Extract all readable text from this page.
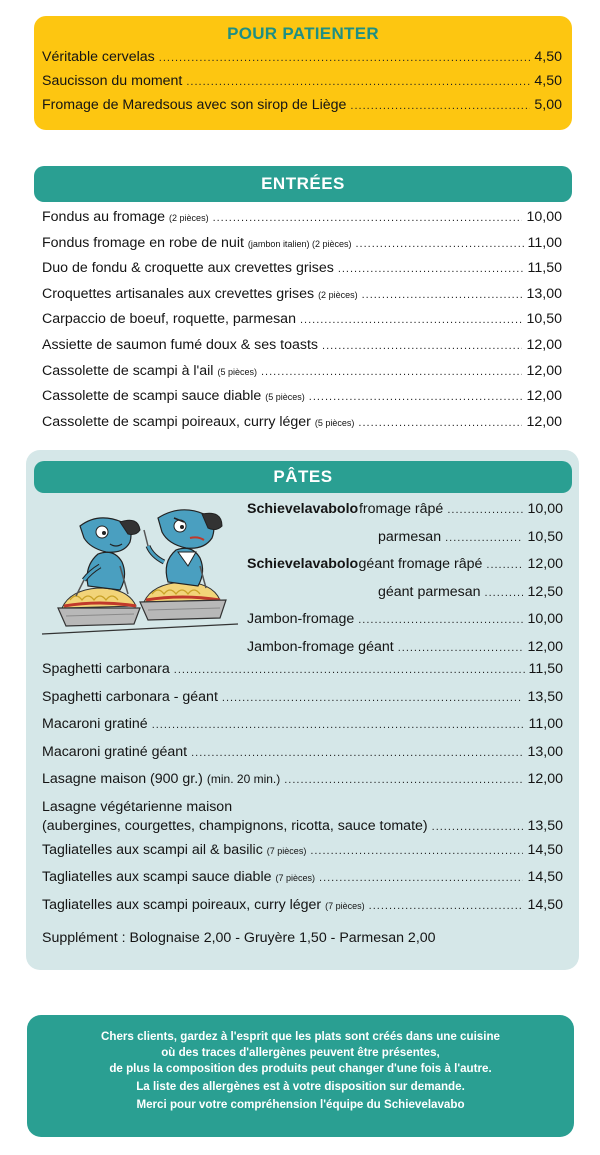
POUR PATIENTER
Véritable cervelas .....	4,50
Saucisson du moment .....	4,50
Fromage de Maredsous avec son sirop de Liège .....	5,00
ENTRÉES
Fondus au fromage (2 pièces) .....	10,00
Fondus fromage en robe de nuit (jambon italien) (2 pièces) .....	11,00
Duo de fondu & croquette aux crevettes grises .....	11,50
Croquettes artisanales aux crevettes grises (2 pièces) .....	13,00
Carpaccio de boeuf, roquette, parmesan .....	10,50
Assiette de saumon fumé doux & ses toasts .....	12,00
Cassolette de scampi à l'ail (5 pièces) .....	12,00
Cassolette de scampi sauce diable (5 pièces) .....	12,00
Cassolette de scampi poireaux, curry léger (5 pièces) .....	12,00
PÂTES
Schievelavabolo fromage râpé .....	10,00
parmesan .....	10,50
Schievelavabolo géant fromage râpé .....	12,00
géant parmesan .....	12,50
Jambon-fromage .....	10,00
Jambon-fromage géant .....	12,00
Spaghetti carbonara .....	11,50
Spaghetti carbonara - géant .....	13,50
Macaroni gratiné .....	11,00
Macaroni gratiné géant .....	13,00
Lasagne maison (900 gr.) (min. 20 min.) .....	12,00
Lasagne végétarienne maison
(aubergines, courgettes, champignons, ricotta, sauce tomate) .....	13,50
Tagliatelles aux scampi ail & basilic (7 pièces) .....	14,50
Tagliatelles aux scampi sauce diable (7 pièces) .....	14,50
Tagliatelles aux scampi poireaux, curry léger (7 pièces) .....	14,50
Supplément : Bolognaise 2,00 - Gruyère 1,50 - Parmesan 2,00
Chers clients, gardez à l'esprit que les plats sont créés dans une cuisine
où des traces d'allergènes peuvent être présentes,
de plus la composition des produits peut changer d'une fois à l'autre.
La liste des allergènes est à votre disposition sur demande.
Merci pour votre compréhension l'équipe du Schievelavabo
